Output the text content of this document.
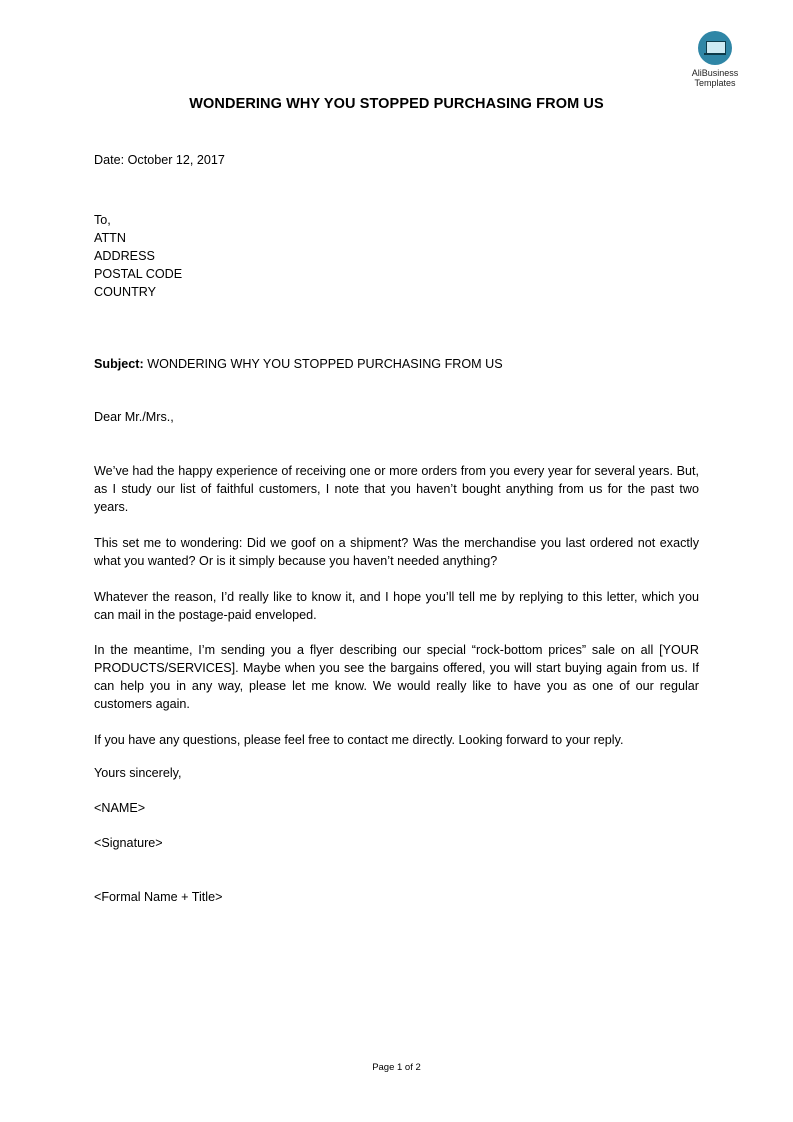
AliBusiness
Templates
WONDERING WHY YOU STOPPED PURCHASING FROM US
Date: October 12, 2017
To,
ATTN
ADDRESS
POSTAL CODE
COUNTRY
Subject: WONDERING WHY YOU STOPPED PURCHASING FROM US
Dear Mr./Mrs.,
We’ve had the happy experience of receiving one or more orders from you every year for several years. But, as I study our list of faithful customers, I note that you haven’t bought anything from us for the past two years.
This set me to wondering: Did we goof on a shipment? Was the merchandise you last ordered not exactly what you wanted? Or is it simply because you haven’t needed anything?
Whatever the reason, I’d really like to know it, and I hope you’ll tell me by replying to this letter, which you can mail in the postage-paid enveloped.
In the meantime, I’m sending you a flyer describing our special “rock-bottom prices” sale on all [YOUR PRODUCTS/SERVICES]. Maybe when you see the bargains offered, you will start buying again from us. If can help you in any way, please let me know. We would really like to have you as one of our regular customers again.
If you have any questions, please feel free to contact me directly. Looking forward to your reply.
Yours sincerely,
<NAME>
<Signature>
<Formal Name + Title>
Page 1 of 2
